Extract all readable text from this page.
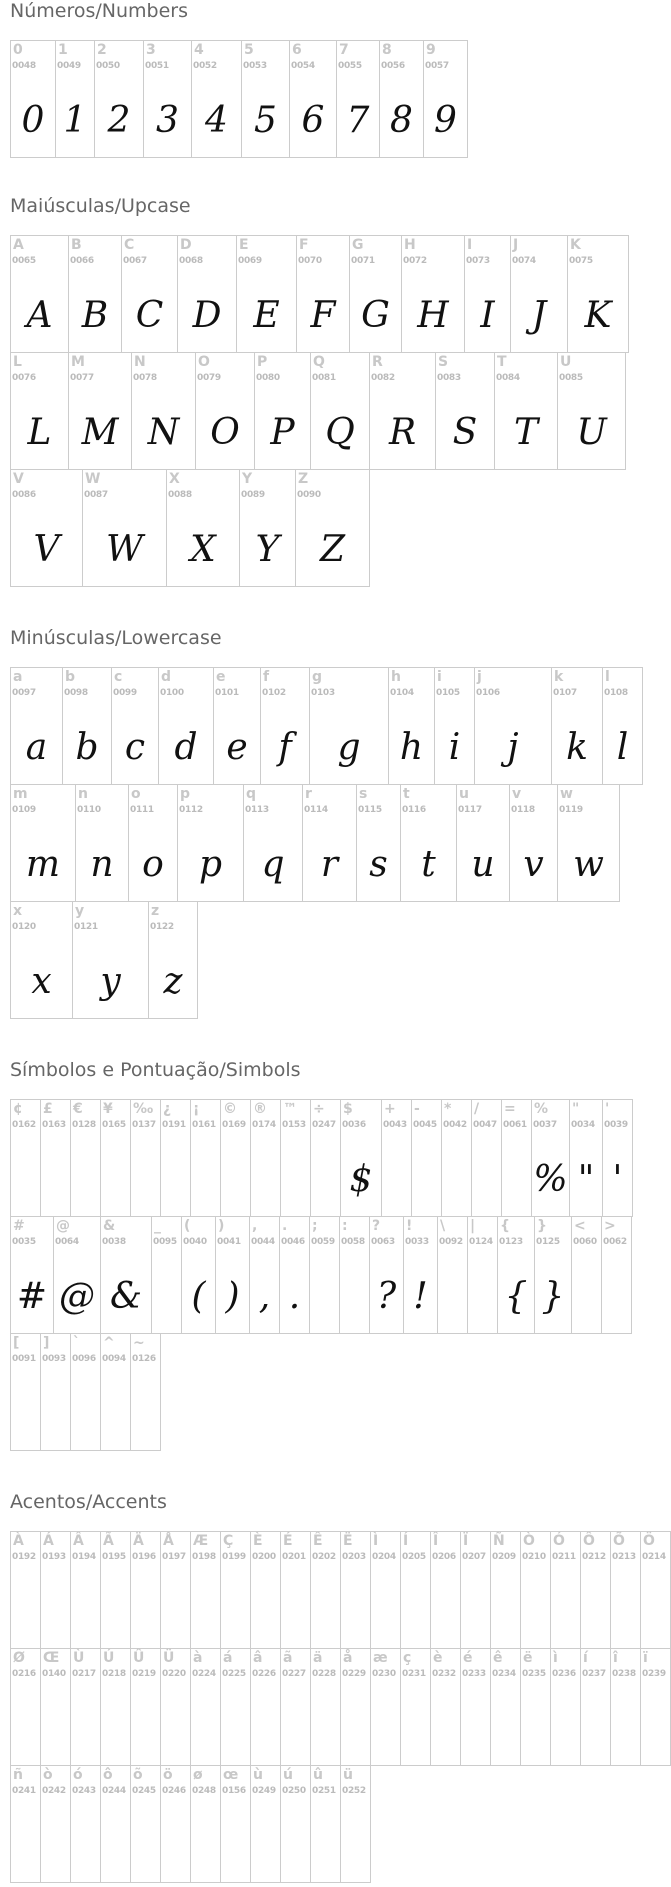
Números/Numbers
0
0048
0
1
0049
1
2
0050
2
3
0051
3
4
0052
4
5
0053
5
6
0054
6
7
0055
7
8
0056
8
9
0057
9
Maiúsculas/Upcase
A
0065
A
B
0066
B
C
0067
C
D
0068
D
E
0069
E
F
0070
F
G
0071
G
H
0072
H
I
0073
I
J
0074
J
K
0075
K
L
0076
L
M
0077
M
N
0078
N
O
0079
O
P
0080
P
Q
0081
Q
R
0082
R
S
0083
S
T
0084
T
U
0085
U
V
0086
V
W
0087
W
X
0088
X
Y
0089
Y
Z
0090
Z
Minúsculas/Lowercase
a
0097
a
b
0098
b
c
0099
c
d
0100
d
e
0101
e
f
0102
f
g
0103
g
h
0104
h
i
0105
i
j
0106
j
k
0107
k
l
0108
l
m
0109
m
n
0110
n
o
0111
o
p
0112
p
q
0113
q
r
0114
r
s
0115
s
t
0116
t
u
0117
u
v
0118
v
w
0119
w
x
0120
x
y
0121
y
z
0122
z
Símbolos e Pontuação/Simbols
¢
0162
£
0163
€
0128
¥
0165
‰
0137
¿
0191
¡
0161
©
0169
®
0174
™
0153
÷
0247
$
0036
$
+
0043
-
0045
*
0042
/
0047
=
0061
%
0037
%
"
0034
"
'
0039
'
#
0035
#
@
0064
@
&
0038
&
_
0095
(
0040
(
)
0041
)
,
0044
,
.
0046
.
;
0059
:
0058
?
0063
?
!
0033
!
\
0092
|
0124
{
0123
{
}
0125
}
<
0060
>
0062
[
0091
]
0093
`
0096
^
0094
~
0126
Acentos/Accents
À
0192
Á
0193
Â
0194
Ã
0195
Ä
0196
Å
0197
Æ
0198
Ç
0199
È
0200
É
0201
Ê
0202
Ë
0203
Ì
0204
Í
0205
Î
0206
Ï
0207
Ñ
0209
Ò
0210
Ó
0211
Ô
0212
Õ
0213
Ö
0214
Ø
0216
Œ
0140
Ù
0217
Ú
0218
Û
0219
Ü
0220
à
0224
á
0225
â
0226
ã
0227
ä
0228
å
0229
æ
0230
ç
0231
è
0232
é
0233
ê
0234
ë
0235
ì
0236
í
0237
î
0238
ï
0239
ñ
0241
ò
0242
ó
0243
ô
0244
õ
0245
ö
0246
ø
0248
œ
0156
ù
0249
ú
0250
û
0251
ü
0252
